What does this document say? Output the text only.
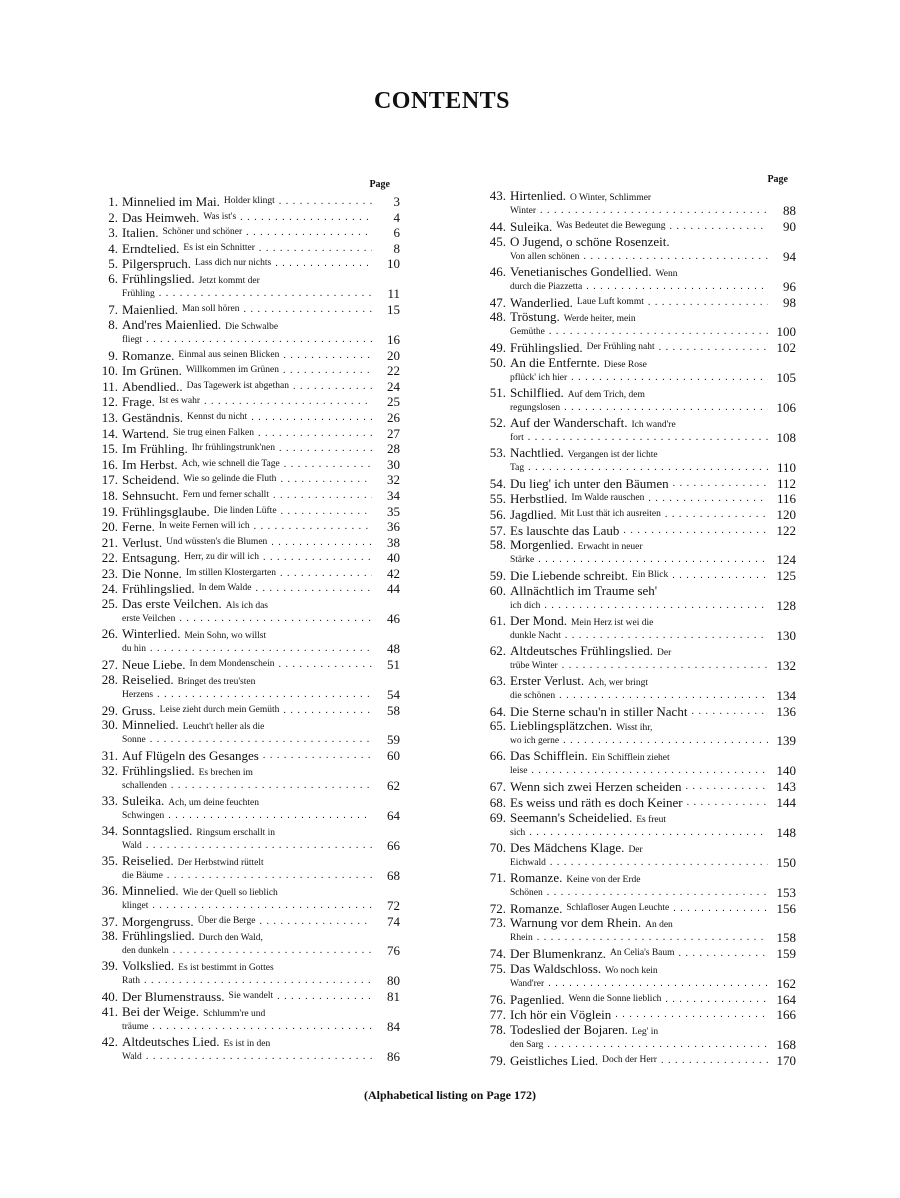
CONTENTS
Page
1. Minnelied im Mai. Holder klingt . . .	3
2. Das Heimweh. Was ist's . . .	4
3. Italien. Schöner und schöner . . .	6
4. Erndtelied. Es ist ein Schnitter . . .	8
5. Pilgerspruch. Lass dich nur nichts . . .	10
6. Frühlingslied. Jetzt kommt der
Frühling . . .	11
7. Maienlied. Man soll hören . . .	15
8. And'res Maienlied. Die Schwalbe
fliegt . . .	16
9. Romanze. Einmal aus seinen Blicken . . .	20
10. Im Grünen. Willkommen im Grünen . . .	22
11. Abendlied.. Das Tagewerk ist abgethan . . .	24
12. Frage. Ist es wahr . . .	25
13. Geständnis. Kennst du nicht . . .	26
14. Wartend. Sie trug einen Falken . . .	27
15. Im Frühling. Ihr frühlingstrunk'nen . . .	28
16. Im Herbst. Ach, wie schnell die Tage . . .	30
17. Scheidend. Wie so gelinde die Fluth . . .	32
18. Sehnsucht. Fern und ferner schallt . . .	34
19. Frühlingsglaube. Die linden Lüfte . . .	35
20. Ferne. In weite Fernen will ich . . .	36
21. Verlust. Und wüssten's die Blumen . . .	38
22. Entsagung. Herr, zu dir will ich . . .	40
23. Die Nonne. Im stillen Klostergarten . . .	42
24. Frühlingslied. In dem Walde . . .	44
25. Das erste Veilchen. Als ich das
erste Veilchen . . .	46
26. Winterlied. Mein Sohn, wo willst
du hin . . .	48
27. Neue Liebe. In dem Mondenschein . . .	51
28. Reiselied. Bringet des treu'sten
Herzens . . .	54
29. Gruss. Leise zieht durch mein Gemüth . . .	58
30. Minnelied. Leucht't heller als die
Sonne . . .	59
31. Auf Flügeln des Gesanges . . .	60
32. Frühlingslied. Es brechen im
schallenden . . .	62
33. Suleika. Ach, um deine feuchten
Schwingen . . .	64
34. Sonntagslied. Ringsum erschallt in
Wald . . .	66
35. Reiselied. Der Herbstwind rüttelt
die Bäume . . .	68
36. Minnelied. Wie der Quell so lieblich
klinget . . .	72
37. Morgengruss. Über die Berge . . .	74
38. Frühlingslied. Durch den Wald,
den dunkeln . . .	76
39. Volkslied. Es ist bestimmt in Gottes
Rath . . .	80
40. Der Blumenstrauss. Sie wandelt . . .	81
41. Bei der Weige. Schlumm're und
träume . . .	84
42. Altdeutsches Lied. Es ist in den
Wald . . .	86
Page
43. Hirtenlied. O Winter, Schlimmer
Winter . . .	88
44. Suleika. Was Bedeutet die Bewegung . . .	90
45. O Jugend, o schöne Rosenzeit.
Von allen schönen . . .	94
46. Venetianisches Gondellied. Wenn
durch die Piazzetta . . .	96
47. Wanderlied. Laue Luft kommt . . .	98
48. Tröstung. Werde heiter, mein
Gemüthe . . .	100
49. Frühlingslied. Der Frühling naht . . .	102
50. An die Entfernte. Diese Rose
pflück' ich hier . . .	105
51. Schilflied. Auf dem Trich, dem
regungslosen . . .	106
52. Auf der Wanderschaft. Ich wand're
fort . . .	108
53. Nachtlied. Vergangen ist der lichte
Tag . . .	110
54. Du lieg' ich unter den Bäumen . . .	112
55. Herbstlied. Im Walde rauschen . . .	116
56. Jagdlied. Mit Lust thät ich ausreiten . . .	120
57. Es lauschte das Laub . . .	122
58. Morgenlied. Erwacht in neuer
Stärke . . .	124
59. Die Liebende schreibt. Ein Blick . . .	125
60. Allnächtlich im Traume seh'
ich dich . . .	128
61. Der Mond. Mein Herz ist wei die
dunkle Nacht . . .	130
62. Altdeutsches Frühlingslied. Der
trübe Winter . . .	132
63. Erster Verlust. Ach, wer bringt
die schönen . . .	134
64. Die Sterne schau'n in stiller Nacht . . .	136
65. Lieblingsplätzchen. Wisst ihr,
wo ich gerne . . .	139
66. Das Schifflein. Ein Schifflein ziehet
leise . . .	140
67. Wenn sich zwei Herzen scheiden . . .	143
68. Es weiss und räth es doch Keiner . . .	144
69. Seemann's Scheidelied. Es freut
sich . . .	148
70. Des Mädchens Klage. Der
Eichwald . . .	150
71. Romanze. Keine von der Erde
Schönen . . .	153
72. Romanze. Schlafloser Augen Leuchte . . .	156
73. Warnung vor dem Rhein. An den
Rhein . . .	158
74. Der Blumenkranz. An Celia's Baum . . .	159
75. Das Waldschloss. Wo noch kein
Wand'rer . . .	162
76. Pagenlied. Wenn die Sonne lieblich . . .	164
77. Ich hör ein Vöglein . . .	166
78. Todeslied der Bojaren. Leg' in
den Sarg . . .	168
79. Geistliches Lied. Doch der Herr . . .	170
(Alphabetical listing on Page 172)
